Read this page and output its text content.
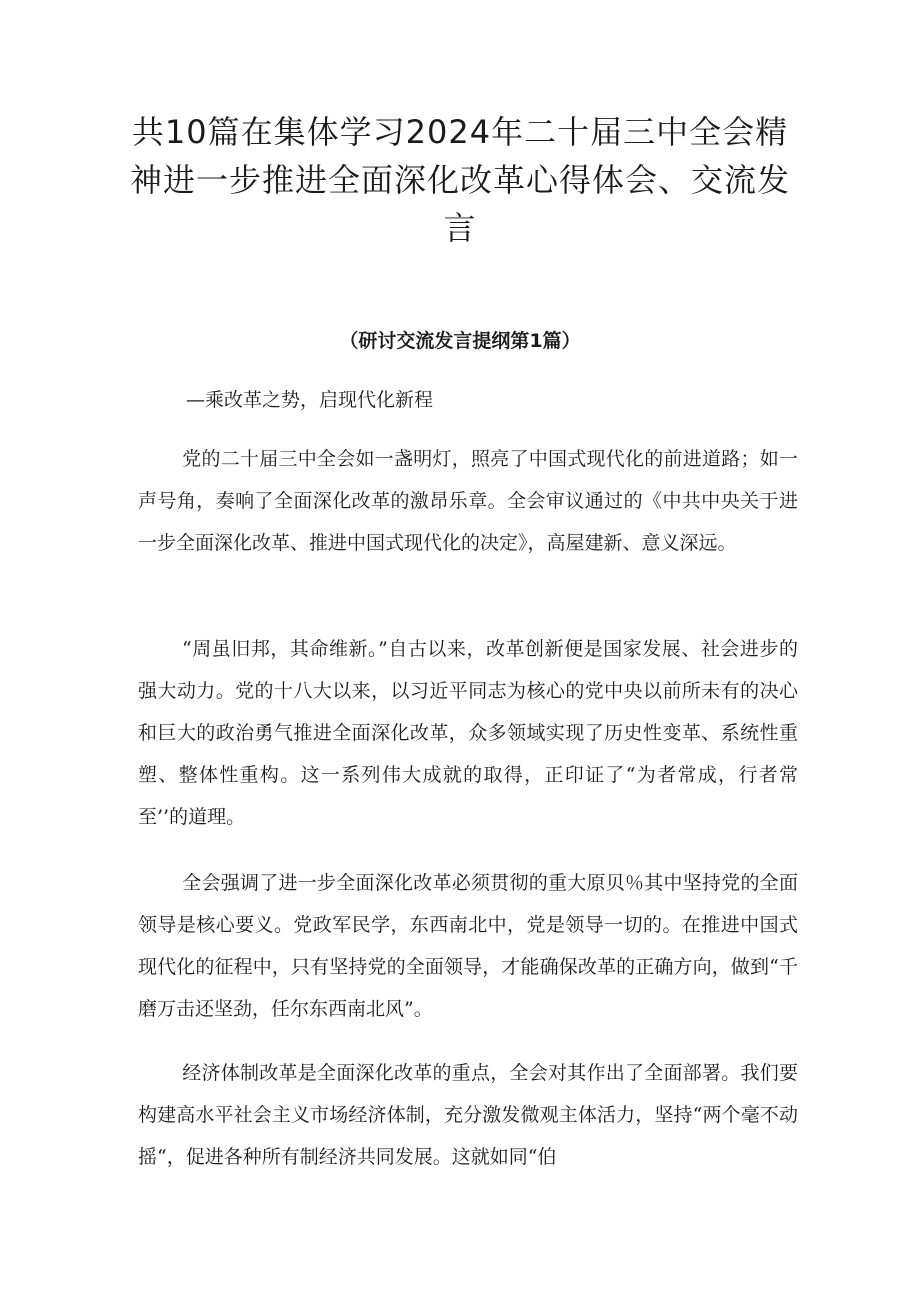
共10篇在集体学习2024年二十届三中全会精神进一步推进全面深化改革心得体会、交流发言
（研讨交流发言提纲第1篇）
—乘改革之势，启现代化新程

党的二十届三中全会如一盏明灯，照亮了中国式现代化的前进道路；如一声号角，奏响了全面深化改革的激昂乐章。全会审议通过的《中共中央关于进一步全面深化改革、推进中国式现代化的决定》，高屋建新、意义深远。

“周虽旧邦，其命维新。”自古以来，改革创新便是国家发展、社会进步的强大动力。党的十八大以来，以习近平同志为核心的党中央以前所未有的决心和巨大的政治勇气推进全面深化改革，众多领域实现了历史性变革、系统性重塑、整体性重构。这一系列伟大成就的取得，正印证了“为者常成，行者常至’’的道理。

全会强调了进一步全面深化改革必须贯彻的重大原贝％其中坚持党的全面领导是核心要义。党政军民学，东西南北中，党是领导一切的。在推进中国式现代化的征程中，只有坚持党的全面领导，才能确保改革的正确方向，做到“千磨万击还坚劲，任尔东西南北风”。

经济体制改革是全面深化改革的重点，全会对其作出了全面部署。我们要构建高水平社会主义市场经济体制，充分激发微观主体活力，坚持“两个毫不动摇“，促进各种所有制经济共同发展。这就如同“伯
